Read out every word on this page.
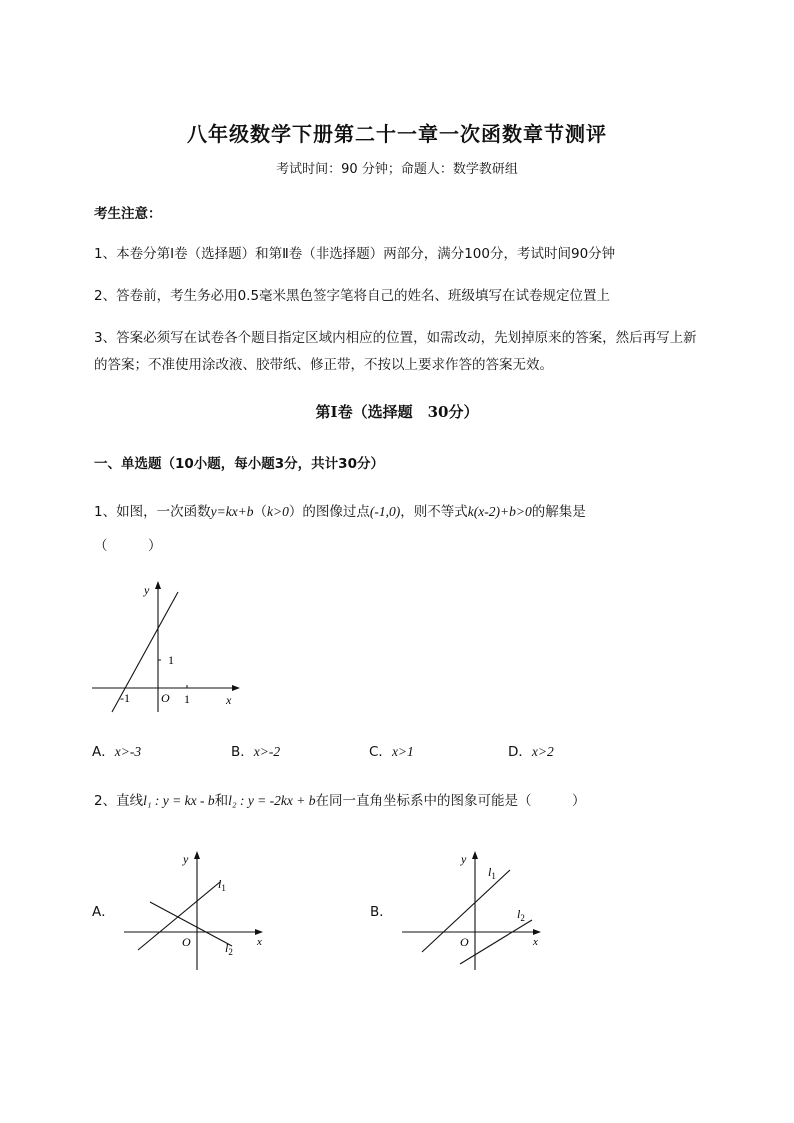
八年级数学下册第二十一章一次函数章节测评
考试时间：90 分钟；命题人：数学教研组
考生注意：
1、本卷分第I卷（选择题）和第Ⅱ卷（非选择题）两部分，满分100分，考试时间90分钟
2、答卷前，考生务必用0.5毫米黑色签字笔将自己的姓名、班级填写在试卷规定位置上
3、答案必须写在试卷各个题目指定区域内相应的位置，如需改动，先划掉原来的答案，然后再写上新
的答案；不准使用涂改液、胶带纸、修正带，不按以上要求作答的答案无效。
第I卷（选择题　30分）
一、单选题（10小题，每小题3分，共计30分）
1、如图，一次函数y=kx+b（k>0）的图像过点(-1,0)，则不等式k(x-2)+b>0的解集是
（　　　）
y
x
O
-1	1
1
A．x>-3	B．x>-2	C．x>1	D．x>2
2、直线l₁ : y = kx - b和l₂ : y = -2kx + b在同一直角坐标系中的图象可能是（　　　）
A．
y
x
O
$l_1$
$l_2$
B．
y
x
O
$l_1$
$l_2$
